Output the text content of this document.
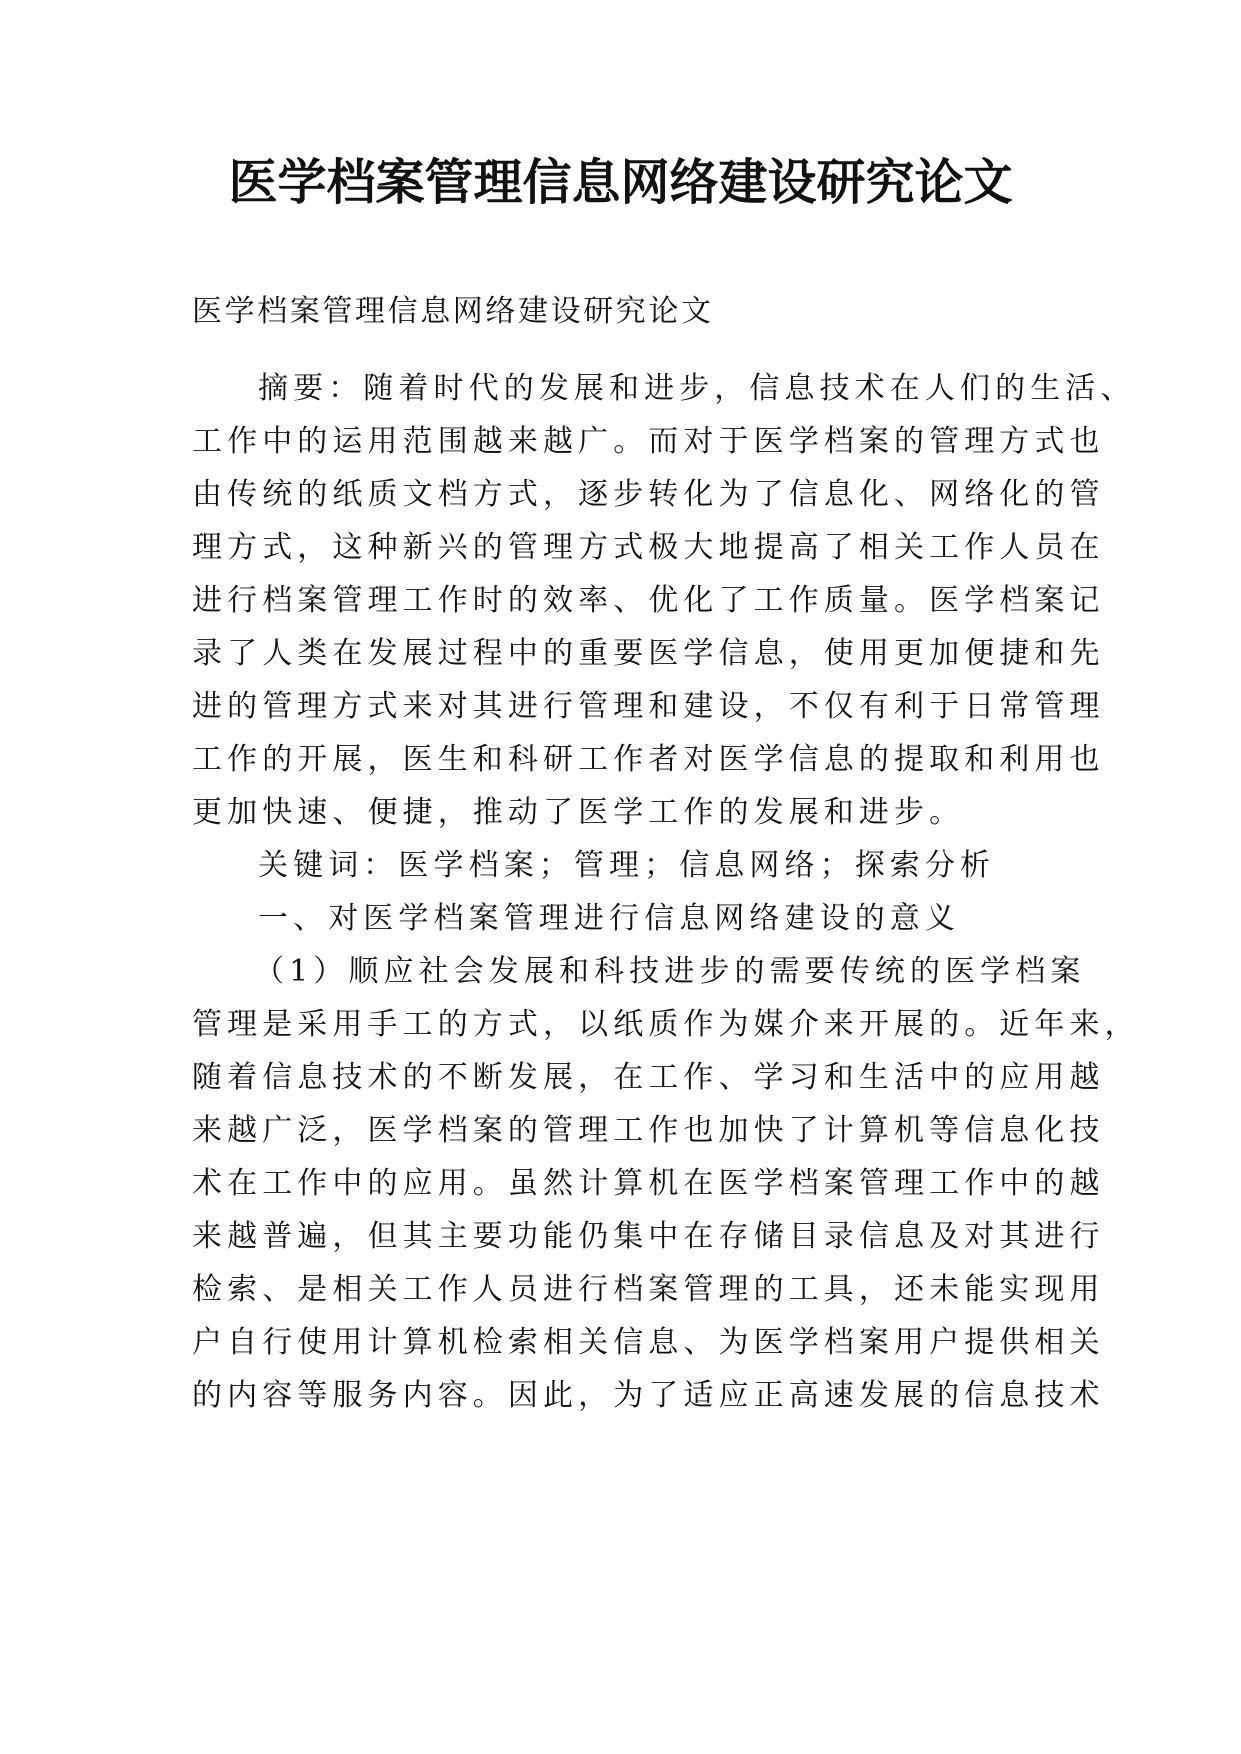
医学档案管理信息网络建设研究论文

医学档案管理信息网络建设研究论文

摘要：随着时代的发展和进步，信息技术在人们的生活、

工作中的运用范围越来越广。而对于医学档案的管理方式也

由传统的纸质文档方式，逐步转化为了信息化、网络化的管

理方式，这种新兴的管理方式极大地提高了相关工作人员在

进行档案管理工作时的效率、优化了工作质量。医学档案记

录了人类在发展过程中的重要医学信息，使用更加便捷和先

进的管理方式来对其进行管理和建设，不仅有利于日常管理

工作的开展，医生和科研工作者对医学信息的提取和利用也

更加快速、便捷，推动了医学工作的发展和进步。

关键词：医学档案；管理；信息网络；探索分析

一、对医学档案管理进行信息网络建设的意义

（1）顺应社会发展和科技进步的需要传统的医学档案

管理是采用手工的方式，以纸质作为媒介来开展的。近年来，

随着信息技术的不断发展，在工作、学习和生活中的应用越

来越广泛，医学档案的管理工作也加快了计算机等信息化技

术在工作中的应用。虽然计算机在医学档案管理工作中的越

来越普遍，但其主要功能仍集中在存储目录信息及对其进行

检索、是相关工作人员进行档案管理的工具，还未能实现用

户自行使用计算机检索相关信息、为医学档案用户提供相关

的内容等服务内容。因此，为了适应正高速发展的信息技术
